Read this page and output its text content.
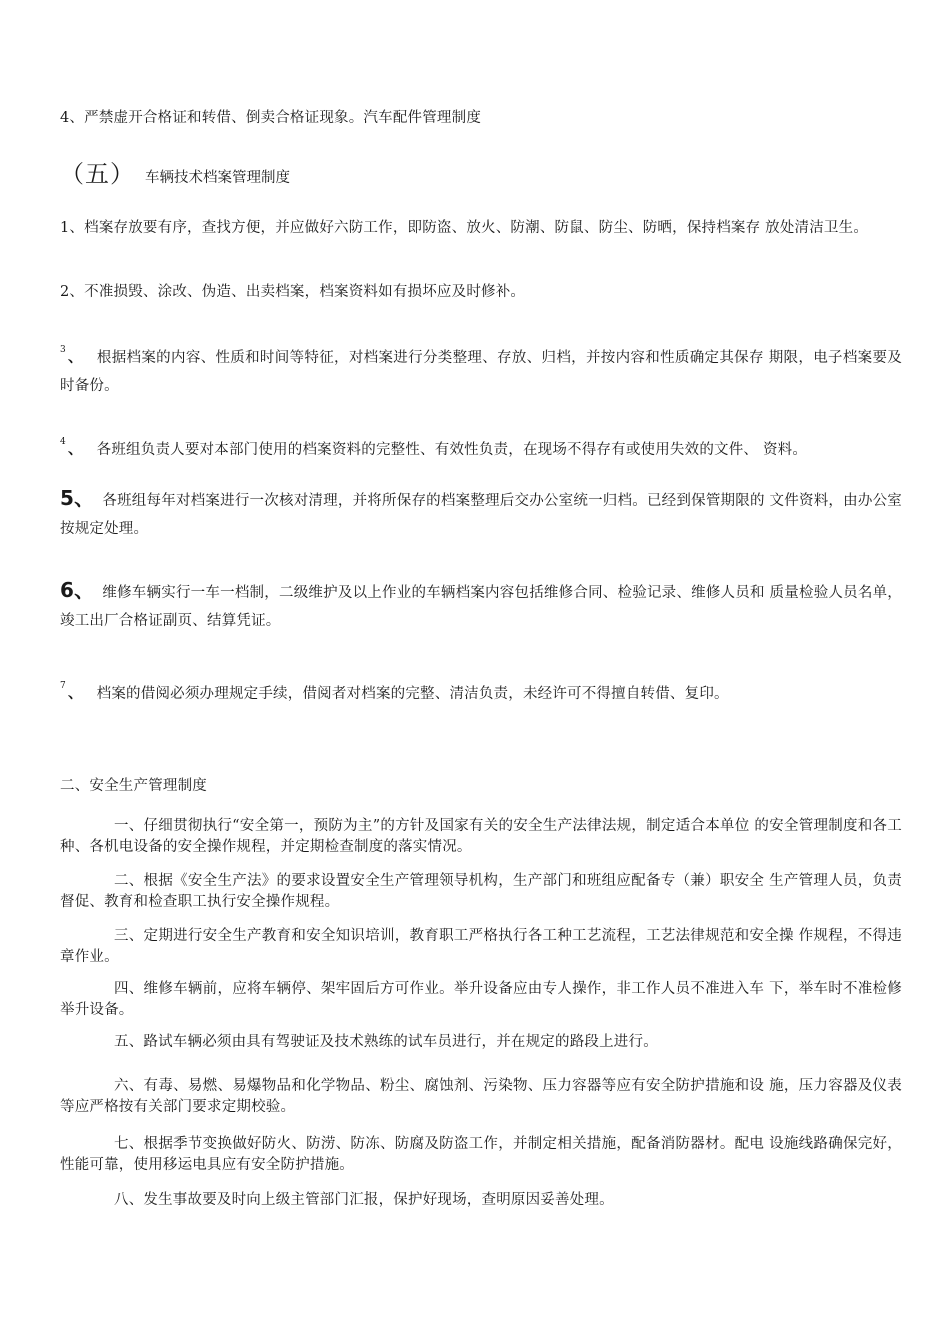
4、严禁虚开合格证和转借、倒卖合格证现象。汽车配件管理制度
（五） 车辆技术档案管理制度
1、档案存放要有序，查找方便，并应做好六防工作，即防盗、放火、防潮、防鼠、防尘、防晒，保持档案存 放处清洁卫生。
2、不准损毁、涂改、伪造、出卖档案，档案资料如有损坏应及时修补。
$^3$ 、 根据档案的内容、性质和时间等特征，对档案进行分类整理、存放、归档，并按内容和性质确定其保存 期限，电子档案要及时备份。
$^4$ 、 各班组负责人要对本部门使用的档案资料的完整性、有效性负责，在现场不得存有或使用失效的文件、 资料。
5、 各班组每年对档案进行一次核对清理，并将所保存的档案整理后交办公室统一归档。已经到保管期限的 文件资料，由办公室按规定处理。
6、 维修车辆实行一车一档制，二级维护及以上作业的车辆档案内容包括维修合同、检验记录、维修人员和 质量检验人员名单，竣工出厂合格证副页、结算凭证。
$^7$ 、 档案的借阅必须办理规定手续，借阅者对档案的完整、清洁负责，未经许可不得擅自转借、复印。
二、安全生产管理制度
一、仔细贯彻执行“安全第一，预防为主”的方针及国家有关的安全生产法律法规，制定适合本单位 的安全管理制度和各工种、各机电设备的安全操作规程，并定期检查制度的落实情况。
二、根据《安全生产法》的要求设置安全生产管理领导机构，生产部门和班组应配备专（兼）职安全 生产管理人员，负责督促、教育和检查职工执行安全操作规程。
三、定期进行安全生产教育和安全知识培训，教育职工严格执行各工种工艺流程，工艺法律规范和安全操 作规程，不得违章作业。
四、维修车辆前，应将车辆停、架牢固后方可作业。举升设备应由专人操作，非工作人员不准进入车 下，举车时不准检修举升设备。
五、路试车辆必须由具有驾驶证及技术熟练的试车员进行，并在规定的路段上进行。
六、有毒、易燃、易爆物品和化学物品、粉尘、腐蚀剂、污染物、压力容器等应有安全防护措施和设 施，压力容器及仪表等应严格按有关部门要求定期校验。
七、根据季节变换做好防火、防涝、防冻、防腐及防盗工作，并制定相关措施，配备消防器材。配电 设施线路确保完好，性能可靠，使用移运电具应有安全防护措施。
八、发生事故要及时向上级主管部门汇报，保护好现场，查明原因妥善处理。
